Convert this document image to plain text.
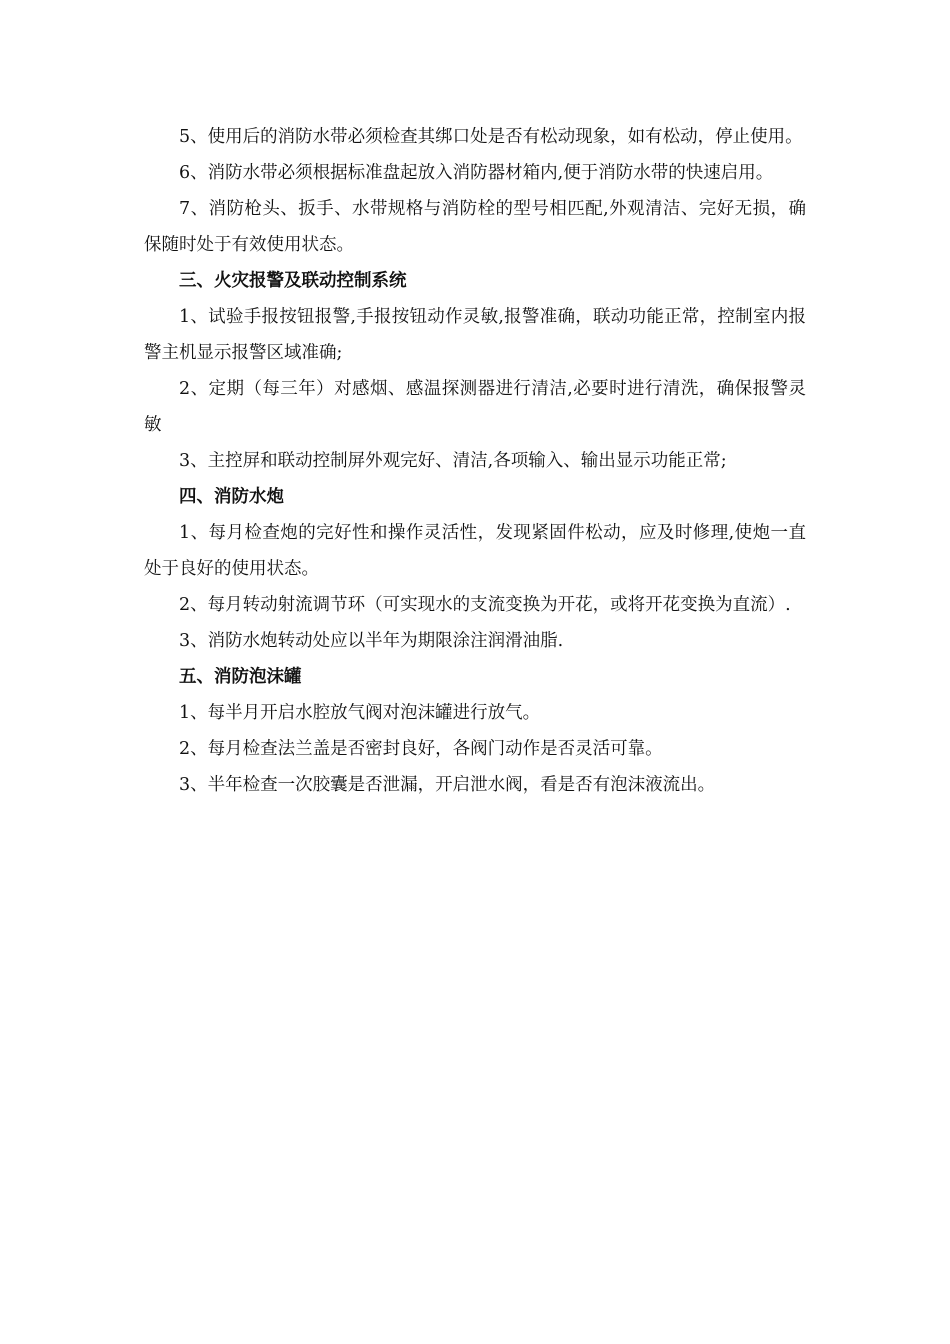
5、使用后的消防水带必须检查其绑口处是否有松动现象，如有松动，停止使用。

6、消防水带必须根据标准盘起放入消防器材箱内,便于消防水带的快速启用。

7、消防枪头、扳手、水带规格与消防栓的型号相匹配,外观清洁、完好无损，确保随时处于有效使用状态。

三、火灾报警及联动控制系统

1、试验手报按钮报警,手报按钮动作灵敏,报警准确，联动功能正常，控制室内报警主机显示报警区域准确;

2、定期（每三年）对感烟、感温探测器进行清洁,必要时进行清洗，确保报警灵敏

3、主控屏和联动控制屏外观完好、清洁,各项输入、输出显示功能正常;

四、消防水炮

1、每月检查炮的完好性和操作灵活性，发现紧固件松动，应及时修理,使炮一直处于良好的使用状态。

2、每月转动射流调节环（可实现水的支流变换为开花，或将开花变换为直流）.

3、消防水炮转动处应以半年为期限涂注润滑油脂.

五、消防泡沫罐

1、每半月开启水腔放气阀对泡沫罐进行放气。

2、每月检查法兰盖是否密封良好，各阀门动作是否灵活可靠。

3、半年检查一次胶囊是否泄漏，开启泄水阀，看是否有泡沫液流出。
